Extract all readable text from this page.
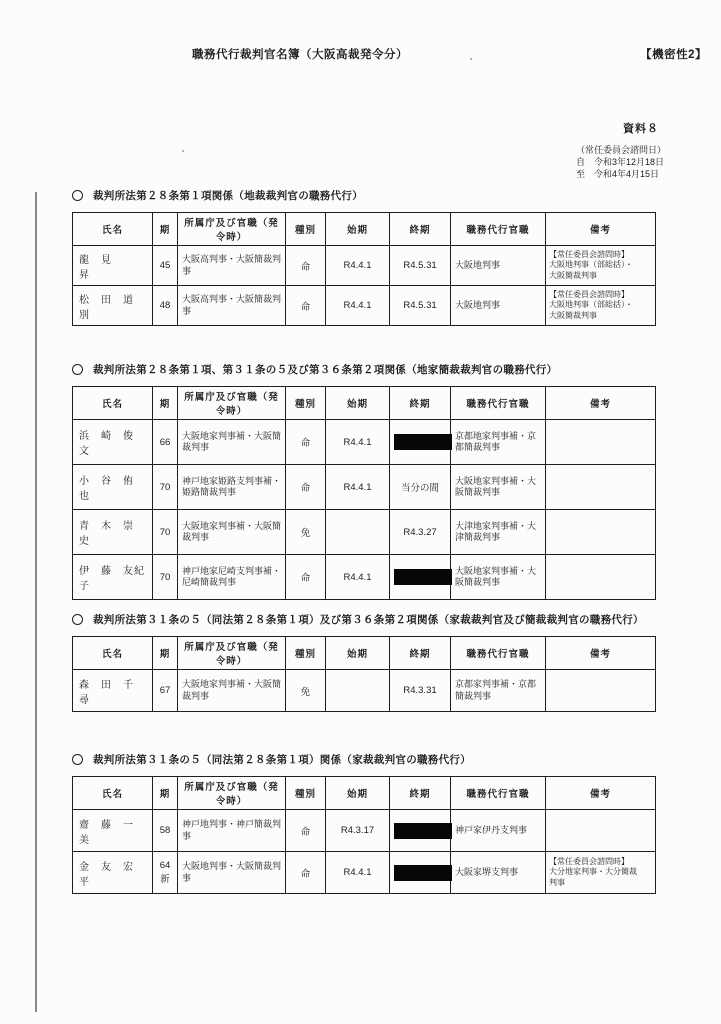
職務代行裁判官名簿（大阪高裁発令分）	【機密性2】
資料８
（常任委員会諮問日）
自　令和3年12月18日
至　令和4年4月15日
裁判所法第２８条第１項関係（地裁裁判官の職務代行）
氏名	期	所属庁及び官職（発令時）	種別	始期	終期	職務代行官職	備考
龍　見　　　昇	45	大阪高判事・大阪簡裁判事	命	R4.4.1	R4.5.31	大阪地判事	【常任委員会諮問時】
大阪地判事（部総括）・
大阪簡裁判事
松　田　道　別	48	大阪高判事・大阪簡裁判事	命	R4.4.1	R4.5.31	大阪地判事	【常任委員会諮問時】
大阪地判事（部総括）・
大阪簡裁判事
裁判所法第２８条第１項、第３１条の５及び第３６条第２項関係（地家簡裁裁判官の職務代行）
氏名	期	所属庁及び官職（発令時）	種別	始期	終期	職務代行官職	備考
浜　崎　俊　文	66	大阪地家判事補・大阪簡裁判事	命	R4.4.1		京都地家判事補・京都簡裁判事	
小　谷　侑　也	70	神戸地家姫路支判事補・姫路簡裁判事	命	R4.4.1	当分の間	大阪地家判事補・大阪簡裁判事	
青　木　崇　史	70	大阪地家判事補・大阪簡裁判事	免		R4.3.27	大津地家判事補・大津簡裁判事	
伊　藤　友紀子	70	神戸地家尼崎支判事補・尼崎簡裁判事	命	R4.4.1		大阪地家判事補・大阪簡裁判事	
裁判所法第３１条の５（同法第２８条第１項）及び第３６条第２項関係（家裁裁判官及び簡裁裁判官の職務代行）
氏名	期	所属庁及び官職（発令時）	種別	始期	終期	職務代行官職	備考
森　田　千　尋	67	大阪地家判事補・大阪簡裁判事	免		R4.3.31	京都家判事補・京都簡裁判事	
裁判所法第３１条の５（同法第２８条第１項）関係（家裁裁判官の職務代行）
氏名	期	所属庁及び官職（発令時）	種別	始期	終期	職務代行官職	備考
齋　藤　一　美	58	神戸地判事・神戸簡裁判事	命	R4.3.17		神戸家伊丹支判事	
金　友　宏　平	64新	大阪地判事・大阪簡裁判事	命	R4.4.1		大阪家堺支判事	【常任委員会諮問時】
大分地家判事・大分簡裁
判事
